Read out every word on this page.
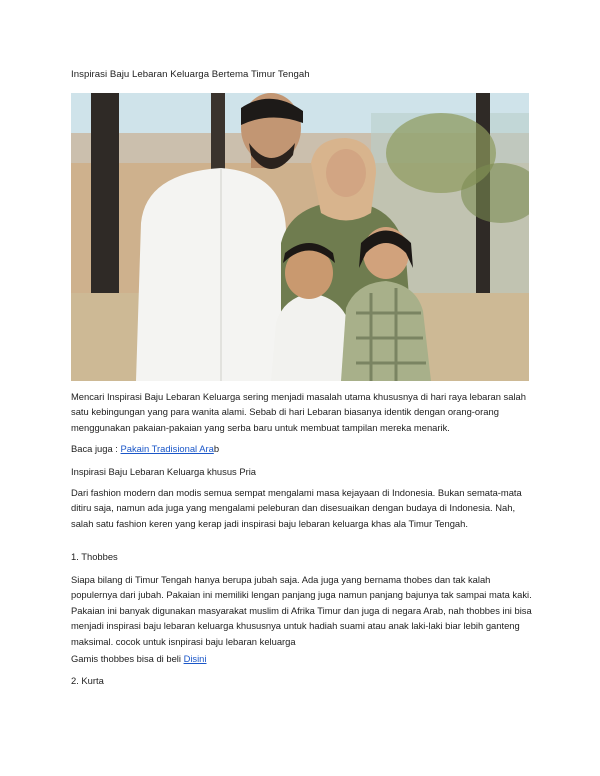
Inspirasi Baju Lebaran Keluarga Bertema Timur Tengah

Mencari Inspirasi Baju Lebaran Keluarga sering menjadi masalah utama khususnya di hari raya lebaran salah satu kebingungan yang para wanita alami. Sebab di hari Lebaran biasanya identik dengan orang-orang menggunakan pakaian-pakaian yang serba baru untuk membuat tampilan mereka menarik.

Baca juga : Pakain Tradisional Arab

Inspirasi Baju Lebaran Keluarga khusus Pria

Dari fashion modern dan modis semua sempat mengalami masa kejayaan di Indonesia. Bukan semata-mata ditiru saja, namun ada juga yang mengalami peleburan dan disesuaikan dengan budaya di Indonesia. Nah, salah satu fashion keren yang kerap jadi inspirasi baju lebaran keluarga khas ala Timur Tengah.

1. Thobbes

Siapa bilang di Timur Tengah hanya berupa jubah saja. Ada juga yang bernama thobes dan tak kalah populernya dari jubah. Pakaian ini memiliki lengan panjang juga namun panjang bajunya tak sampai mata kaki. Pakaian ini banyak digunakan masyarakat muslim di Afrika Timur dan juga di negara Arab, nah thobbes ini bisa menjadi inspirasi baju lebaran keluarga khususnya untuk hadiah suami atau anak laki-laki biar lebih ganteng maksimal. cocok untuk isnpirasi baju lebaran keluarga

Gamis thobbes bisa di beli Disini

2. Kurta
